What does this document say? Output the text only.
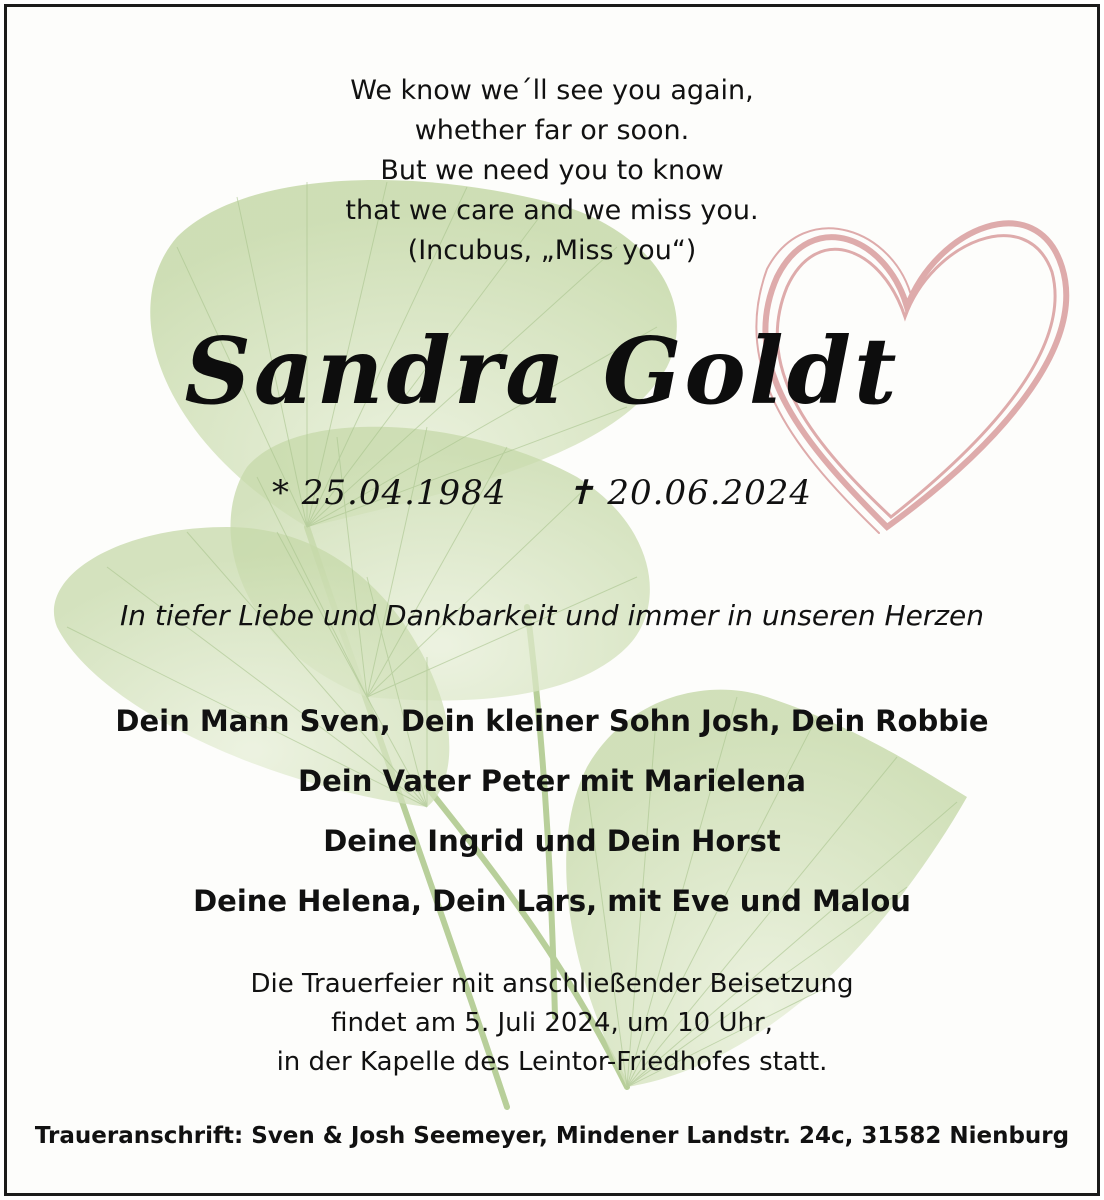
We know we´ll see you again,
whether far or soon.
But we need you to know
that we care and we miss you.
(Incubus, „Miss you“)
Sandra Goldt
* 25.04.1984 ✝ 20.06.2024
In tiefer Liebe und Dankbarkeit und immer in unseren Herzen
Dein Mann Sven, Dein kleiner Sohn Josh, Dein Robbie
Dein Vater Peter mit Marielena
Deine Ingrid und Dein Horst
Deine Helena, Dein Lars, mit Eve und Malou
Die Trauerfeier mit anschließender Beisetzung
findet am 5. Juli 2024, um 10 Uhr,
in der Kapelle des Leintor-Friedhofes statt.
Traueranschrift: Sven & Josh Seemeyer, Mindener Landstr. 24c, 31582 Nienburg
